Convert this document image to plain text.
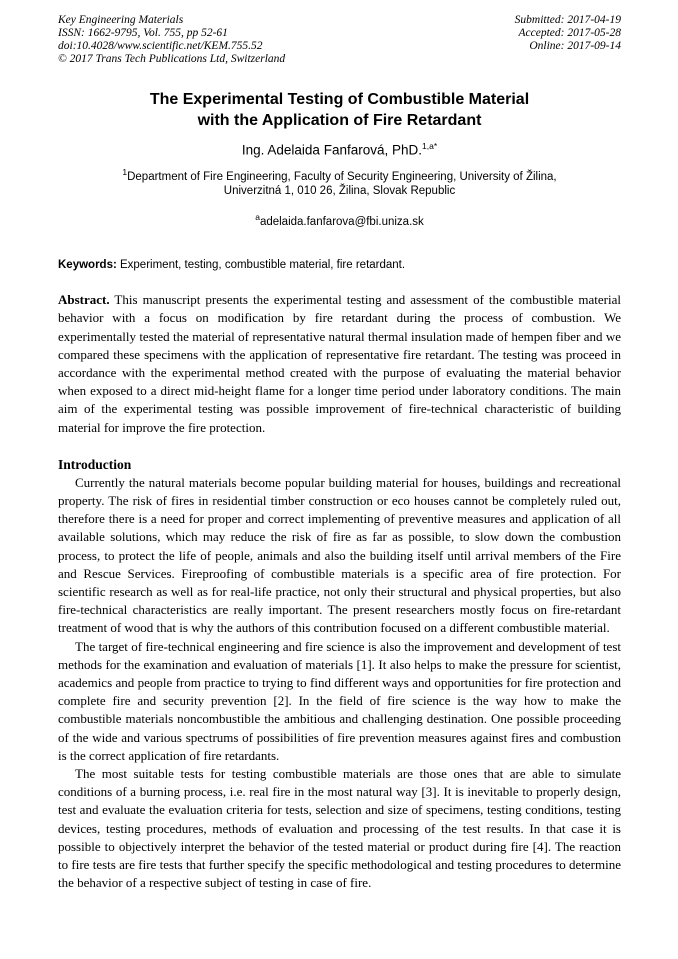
Key Engineering Materials
ISSN: 1662-9795, Vol. 755, pp 52-61
doi:10.4028/www.scientific.net/KEM.755.52
© 2017 Trans Tech Publications Ltd, Switzerland
Submitted: 2017-04-19
Accepted: 2017-05-28
Online: 2017-09-14
The Experimental Testing of Combustible Material
with the Application of Fire Retardant
Ing. Adelaida Fanfarová, PhD.$^{1,a*}$
$^1$Department of Fire Engineering, Faculty of Security Engineering, University of Žilina,
Univerzitná 1, 010 26, Žilina, Slovak Republic
$^a$adelaida.fanfarova@fbi.uniza.sk
Keywords: Experiment, testing, combustible material, fire retardant.

Abstract. This manuscript presents the experimental testing and assessment of the combustible material behavior with a focus on modification by fire retardant during the process of combustion. We experimentally tested the material of representative natural thermal insulation made of hempen fiber and we compared these specimens with the application of representative fire retardant. The testing was proceed in accordance with the experimental method created with the purpose of evaluating the material behavior when exposed to a direct mid-height flame for a longer time period under laboratory conditions. The main aim of the experimental testing was possible improvement of fire-technical characteristic of building material for improve the fire protection.

Introduction

Currently the natural materials become popular building material for houses, buildings and recreational property. The risk of fires in residential timber construction or eco houses cannot be completely ruled out, therefore there is a need for proper and correct implementing of preventive measures and application of all available solutions, which may reduce the risk of fire as far as possible, to slow down the combustion process, to protect the life of people, animals and also the building itself until arrival members of the Fire and Rescue Services. Fireproofing of combustible materials is a specific area of fire protection. For scientific research as well as for real-life practice, not only their structural and physical properties, but also fire-technical characteristics are really important. The present researchers mostly focus on fire-retardant treatment of wood that is why the authors of this contribution focused on a different combustible material.

The target of fire-technical engineering and fire science is also the improvement and development of test methods for the examination and evaluation of materials [1]. It also helps to make the pressure for scientist, academics and people from practice to trying to find different ways and opportunities for fire protection and complete fire and security prevention [2]. In the field of fire science is the way how to make the combustible materials noncombustible the ambitious and challenging destination. One possible proceeding of the wide and various spectrums of possibilities of fire prevention measures against fires and combustion is the correct application of fire retardants.

The most suitable tests for testing combustible materials are those ones that are able to simulate conditions of a burning process, i.e. real fire in the most natural way [3]. It is inevitable to properly design, test and evaluate the evaluation criteria for tests, selection and size of specimens, testing conditions, testing devices, testing procedures, methods of evaluation and processing of the test results. In that case it is possible to objectively interpret the behavior of the tested material or product during fire [4]. The reaction to fire tests are fire tests that further specify the specific methodological and testing procedures to determine the behavior of a respective subject of testing in case of fire.
